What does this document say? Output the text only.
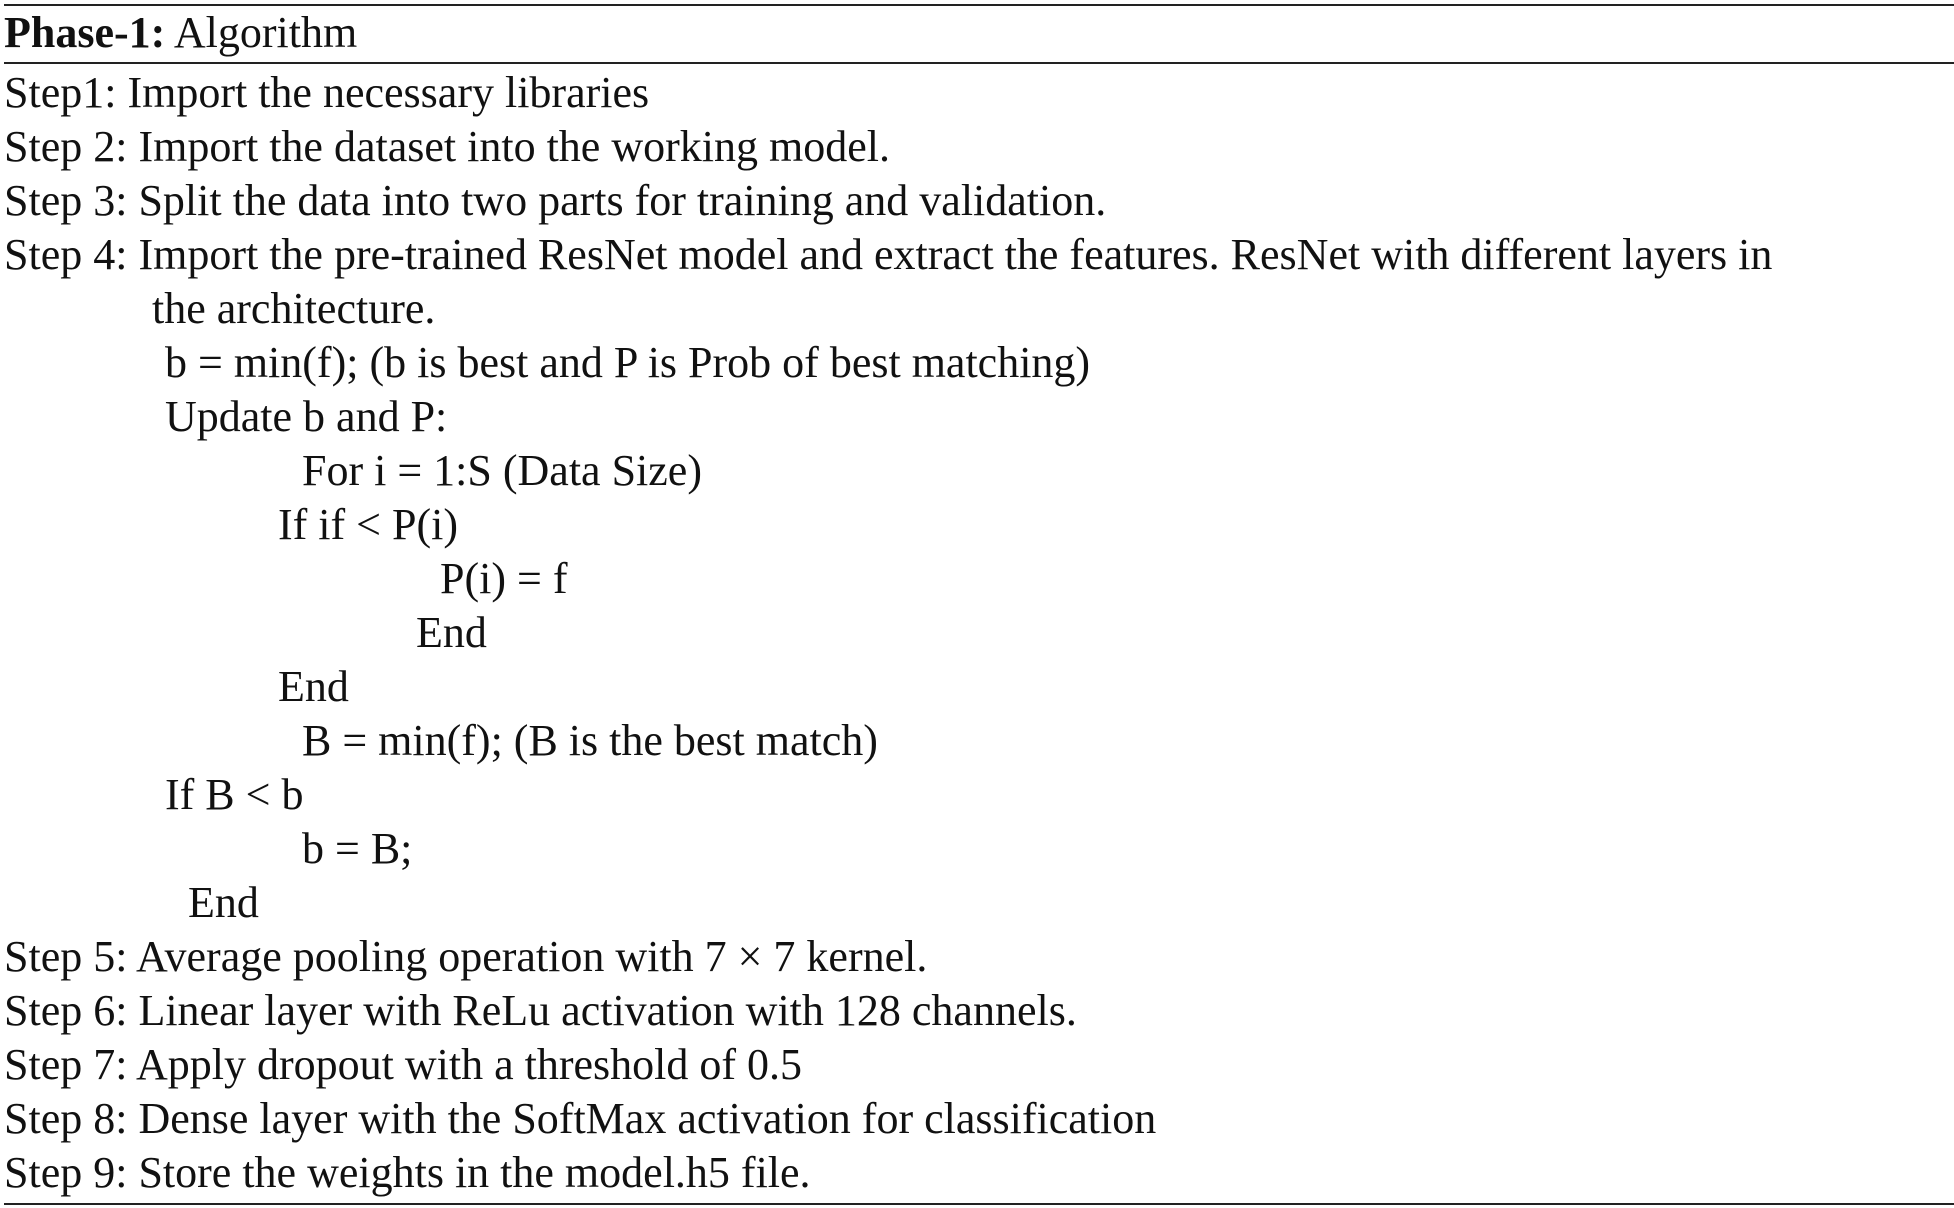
Phase-1: Algorithm
Step1: Import the necessary libraries
Step 2: Import the dataset into the working model.
Step 3: Split the data into two parts for training and validation.
Step 4: Import the pre-trained ResNet model and extract the features. ResNet with different layers in
the architecture.
b = min(f); (b is best and P is Prob of best matching)
Update b and P:
For i = 1:S (Data Size)
If if < P(i)
P(i) = f
End
End
B = min(f); (B is the best match)
If B < b
b = B;
End
Step 5: Average pooling operation with 7 × 7 kernel.
Step 6: Linear layer with ReLu activation with 128 channels.
Step 7: Apply dropout with a threshold of 0.5
Step 8: Dense layer with the SoftMax activation for classification
Step 9: Store the weights in the model.h5 file.
